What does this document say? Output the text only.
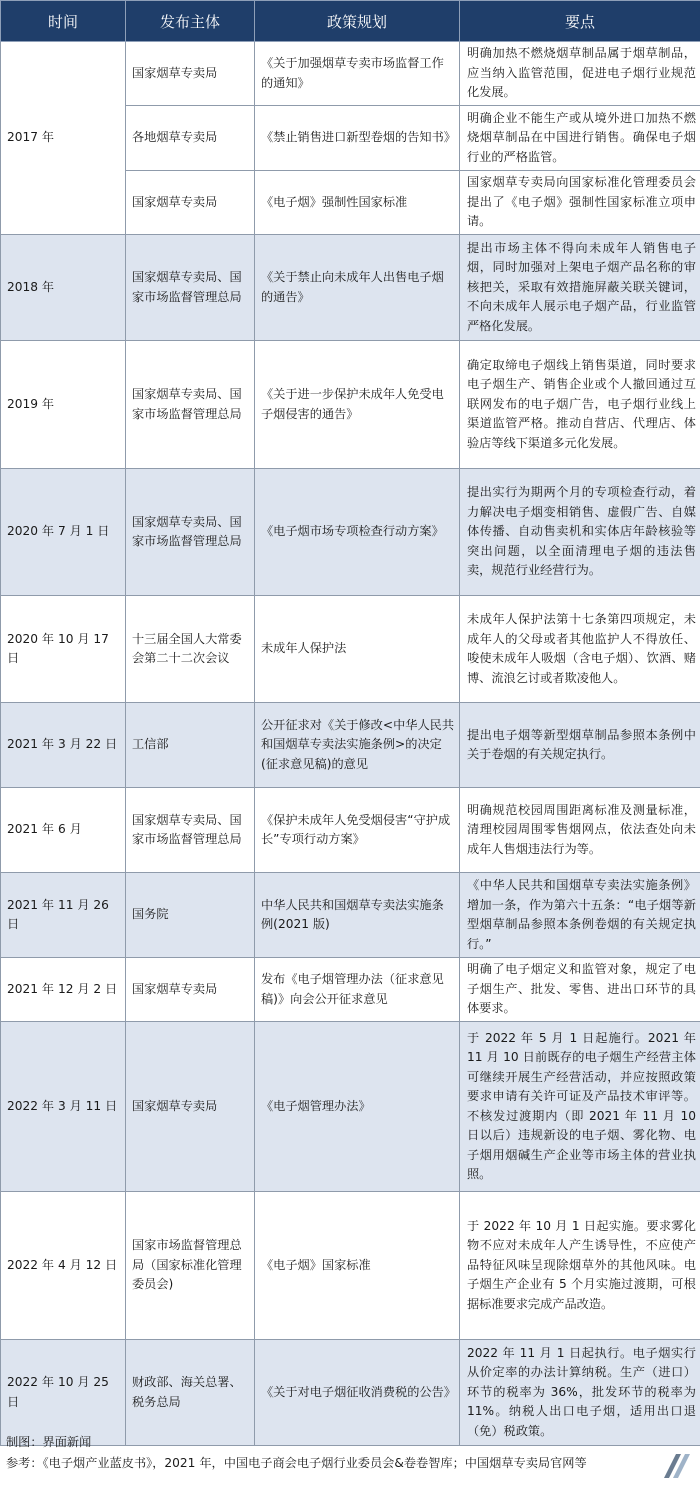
时间	发布主体	政策规划	要点
2017 年	国家烟草专卖局	《关于加强烟草专卖市场监督工作的通知》	明确加热不燃烧烟草制品属于烟草制品，应当纳入监管范围，促进电子烟行业规范化发展。
	各地烟草专卖局	《禁止销售进口新型卷烟的告知书》	明确企业不能生产或从境外进口加热不燃烧烟草制品在中国进行销售。确保电子烟行业的严格监管。
	国家烟草专卖局	《电子烟》强制性国家标准	国家烟草专卖局向国家标准化管理委员会提出了《电子烟》强制性国家标准立项申请。
2018 年	国家烟草专卖局、国家市场监督管理总局	《关于禁止向未成年人出售电子烟的通告》	提出市场主体不得向未成年人销售电子烟，同时加强对上架电子烟产品名称的审核把关，采取有效措施屏蔽关联关键词，不向未成年人展示电子烟产品，行业监管严格化发展。
2019 年	国家烟草专卖局、国家市场监督管理总局	《关于进一步保护未成年人免受电子烟侵害的通告》	确定取缔电子烟线上销售渠道，同时要求电子烟生产、销售企业或个人撤回通过互联网发布的电子烟广告，电子烟行业线上渠道监管严格。推动自营店、代理店、体验店等线下渠道多元化发展。
2020 年 7 月 1 日	国家烟草专卖局、国家市场监督管理总局	《电子烟市场专项检查行动方案》	提出实行为期两个月的专项检查行动，着力解决电子烟变相销售、虚假广告、自媒体传播、自动售卖机和实体店年龄核验等突出问题，以全面清理电子烟的违法售卖，规范行业经营行为。
2020 年 10 月 17 日	十三届全国人大常委会第二十二次会议	未成年人保护法	未成年人保护法第十七条第四项规定，未成年人的父母或者其他监护人不得放任、唆使未成年人吸烟（含电子烟）、饮酒、赌博、流浪乞讨或者欺凌他人。
2021 年 3 月 22 日	工信部	公开征求对《关于修改<中华人民共和国烟草专卖法实施条例>的决定(征求意见稿)的意见	提出电子烟等新型烟草制品参照本条例中关于卷烟的有关规定执行。
2021 年 6 月	国家烟草专卖局、国家市场监督管理总局	《保护未成年人免受烟侵害“守护成长”专项行动方案》	明确规范校园周围距离标准及测量标准，清理校园周围零售烟网点，依法查处向未成年人售烟违法行为等。
2021 年 11 月 26 日	国务院	中华人民共和国烟草专卖法实施条例(2021 版)	《中华人民共和国烟草专卖法实施条例》增加一条，作为第六十五条：“电子烟等新型烟草制品参照本条例卷烟的有关规定执行。”
2021 年 12 月 2 日	国家烟草专卖局	发布《电子烟管理办法（征求意见稿)》向会公开征求意见	明确了电子烟定义和监管对象，规定了电子烟生产、批发、零售、进出口环节的具体要求。
2022 年 3 月 11 日	国家烟草专卖局	《电子烟管理办法》	于 2022 年 5 月 1 日起施行。2021 年 11 月 10 日前既存的电子烟生产经营主体可继续开展生产经营活动，并应按照政策要求申请有关许可证及产品技术审评等。不核发过渡期内（即 2021 年 11 月 10 日以后）违规新设的电子烟、雾化物、电子烟用烟碱生产企业等市场主体的营业执照。
2022 年 4 月 12 日	国家市场监督管理总局（国家标准化管理委员会)	《电子烟》国家标准	于 2022 年 10 月 1 日起实施。要求雾化物不应对未成年人产生诱导性，不应使产品特征风味呈现除烟草外的其他风味。电子烟生产企业有 5 个月实施过渡期，可根据标准要求完成产品改造。
2022 年 10 月 25 日	财政部、海关总署、税务总局	《关于对电子烟征收消费税的公告》	2022 年 11 月 1 日起执行。电子烟实行从价定率的办法计算纳税。生产（进口）环节的税率为 36%，批发环节的税率为 11%。纳税人出口电子烟，适用出口退（免）税政策。
制图：界面新闻
参考：《电子烟产业蓝皮书》，2021 年，中国电子商会电子烟行业委员会&卷卷智库；中国烟草专卖局官网等
